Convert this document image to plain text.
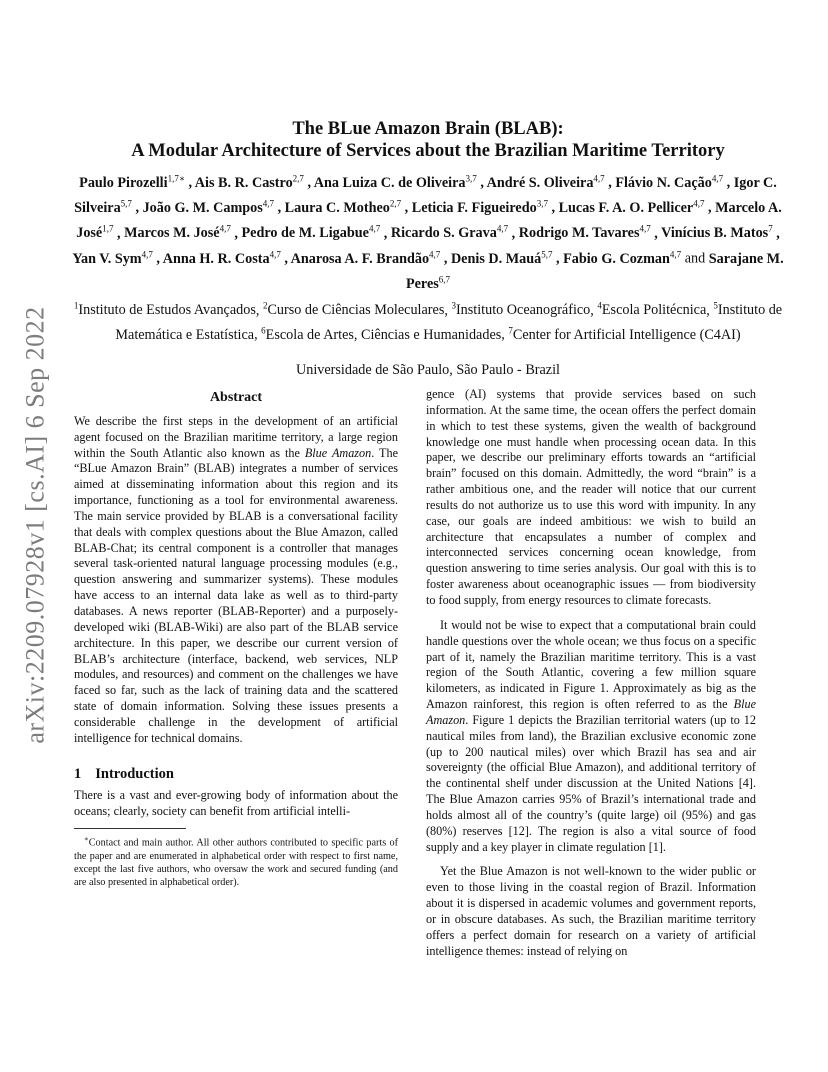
arXiv:2209.07928v1 [cs.AI] 6 Sep 2022
The BLue Amazon Brain (BLAB):
A Modular Architecture of Services about the Brazilian Maritime Territory
Paulo Pirozelli$^{1,7∗}$ , Ais B. R. Castro$^{2,7}$ , Ana Luiza C. de Oliveira$^{3,7}$ , André S. Oliveira$^{4,7}$ , Flávio N. Cação$^{4,7}$ , Igor C. Silveira$^{5,7}$ , João G. M. Campos$^{4,7}$ , Laura C. Motheo$^{2,7}$ , Leticia F. Figueiredo$^{3,7}$ , Lucas F. A. O. Pellicer$^{4,7}$ , Marcelo A. José$^{1,7}$ , Marcos M. José$^{4,7}$ , Pedro de M. Ligabue$^{4,7}$ , Ricardo S. Grava$^{4,7}$ , Rodrigo M. Tavares$^{4,7}$ , Vinícius B. Matos$^7$ , Yan V. Sym$^{4,7}$ , Anna H. R. Costa$^{4,7}$ , Anarosa A. F. Brandão$^{4,7}$ , Denis D. Mauá$^{5,7}$ , Fabio G. Cozman$^{4,7}$ and Sarajane M. Peres$^{6,7}$
$^1$Instituto de Estudos Avançados, $^2$Curso de Ciências Moleculares, $^3$Instituto Oceanográfico, $^4$Escola Politécnica, $^5$Instituto de Matemática e Estatística, $^6$Escola de Artes, Ciências e Humanidades, $^7$Center for Artificial Intelligence (C4AI)
Universidade de São Paulo, São Paulo - Brazil
Abstract

We describe the first steps in the development of an artificial agent focused on the Brazilian maritime territory, a large region within the South Atlantic also known as the Blue Amazon. The “BLue Amazon Brain” (BLAB) integrates a number of services aimed at disseminating information about this region and its importance, functioning as a tool for environmental awareness. The main service provided by BLAB is a conversational facility that deals with complex questions about the Blue Amazon, called BLAB-Chat; its central component is a controller that manages several task-oriented natural language processing modules (e.g., question answering and summarizer systems). These modules have access to an internal data lake as well as to third-party databases. A news reporter (BLAB-Reporter) and a purposely-developed wiki (BLAB-Wiki) are also part of the BLAB service architecture. In this paper, we describe our current version of BLAB’s architecture (interface, backend, web services, NLP modules, and resources) and comment on the challenges we have faced so far, such as the lack of training data and the scattered state of domain information. Solving these issues presents a considerable challenge in the development of artificial intelligence for technical domains.

1 Introduction

There is a vast and ever-growing body of information about the oceans; clearly, society can benefit from artificial intelli-

∗Contact and main author. All other authors contributed to specific parts of the paper and are enumerated in alphabetical order with respect to first name, except the last five authors, who oversaw the work and secured funding (and are also presented in alphabetical order).

gence (AI) systems that provide services based on such information. At the same time, the ocean offers the perfect domain in which to test these systems, given the wealth of background knowledge one must handle when processing ocean data. In this paper, we describe our preliminary efforts towards an “artificial brain” focused on this domain. Admittedly, the word “brain” is a rather ambitious one, and the reader will notice that our current results do not authorize us to use this word with impunity. In any case, our goals are indeed ambitious: we wish to build an architecture that encapsulates a number of complex and interconnected services concerning ocean knowledge, from question answering to time series analysis. Our goal with this is to foster awareness about oceanographic issues — from biodiversity to food supply, from energy resources to climate forecasts.

It would not be wise to expect that a computational brain could handle questions over the whole ocean; we thus focus on a specific part of it, namely the Brazilian maritime territory. This is a vast region of the South Atlantic, covering a few million square kilometers, as indicated in Figure 1. Approximately as big as the Amazon rainforest, this region is often referred to as the Blue Amazon. Figure 1 depicts the Brazilian territorial waters (up to 12 nautical miles from land), the Brazilian exclusive economic zone (up to 200 nautical miles) over which Brazil has sea and air sovereignty (the official Blue Amazon), and additional territory of the continental shelf under discussion at the United Nations [4]. The Blue Amazon carries 95% of Brazil’s international trade and holds almost all of the country’s (quite large) oil (95%) and gas (80%) reserves [12]. The region is also a vital source of food supply and a key player in climate regulation [1].

Yet the Blue Amazon is not well-known to the wider public or even to those living in the coastal region of Brazil. Information about it is dispersed in academic volumes and government reports, or in obscure databases. As such, the Brazilian maritime territory offers a perfect domain for research on a variety of artificial intelligence themes: instead of relying on
